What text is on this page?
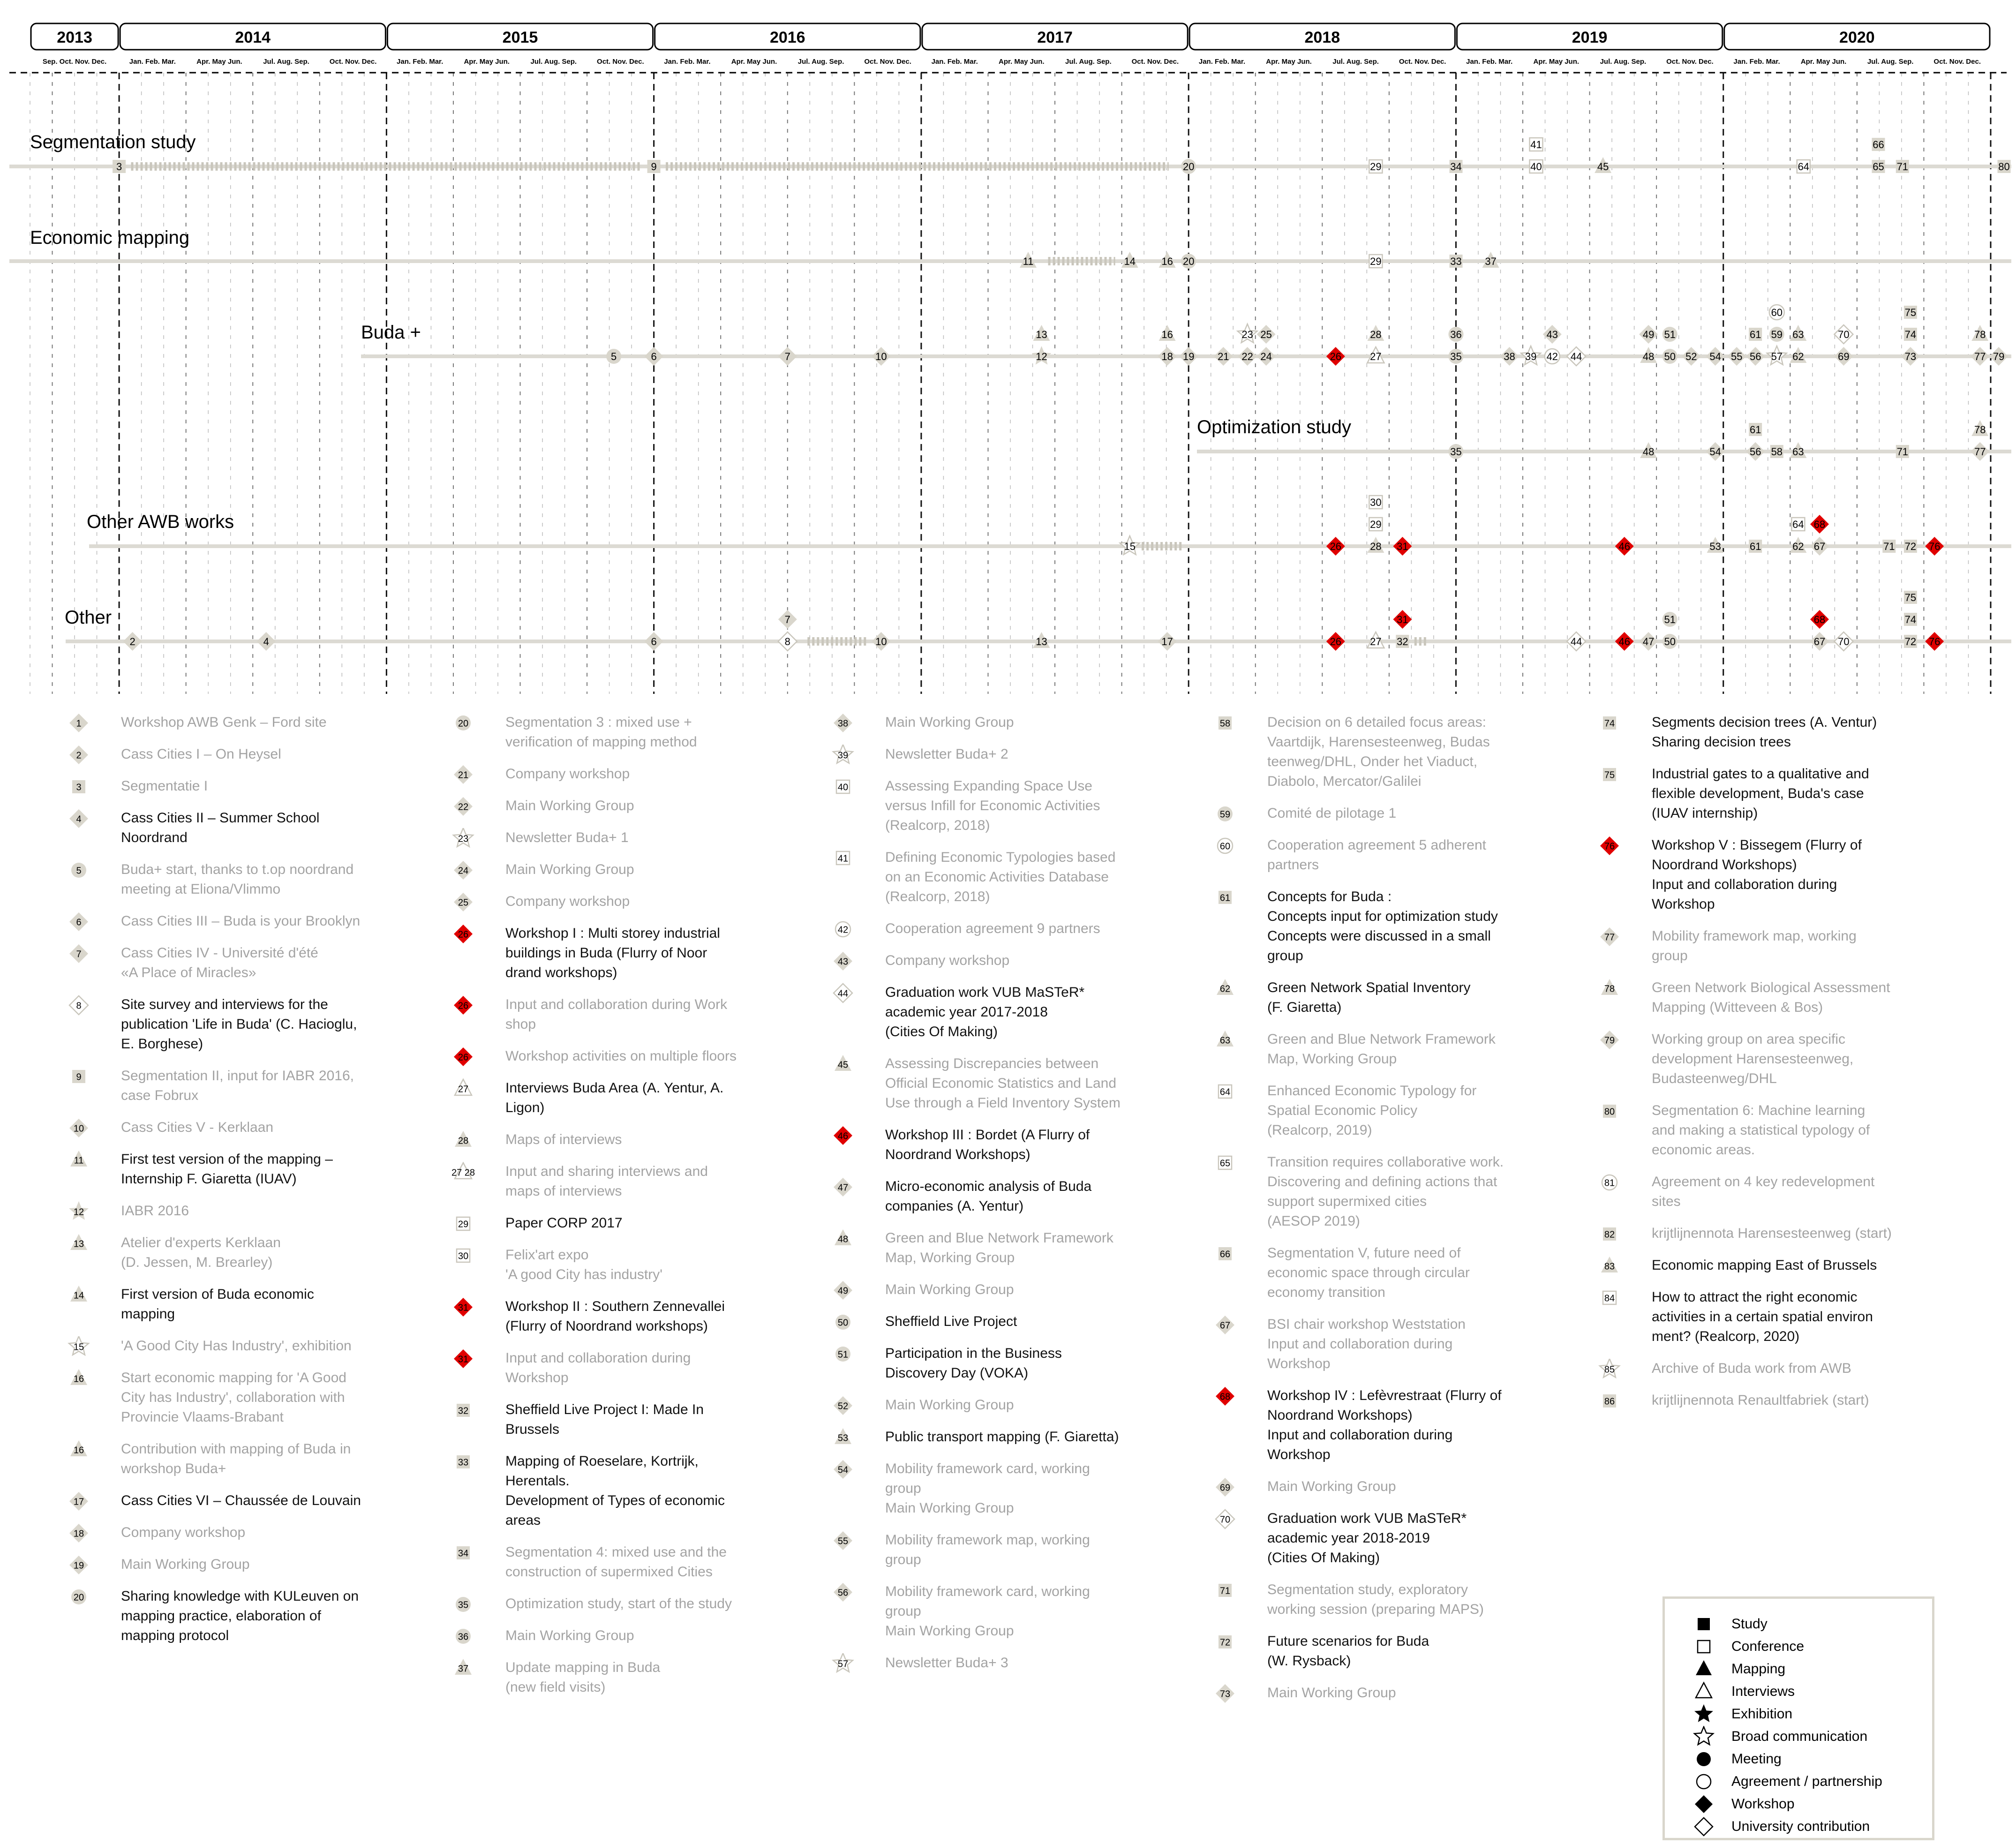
2013
Sep. Oct. Nov. Dec.
2014
Jan. Feb. Mar.	Apr. May Jun.	Jul. Aug. Sep.	Oct. Nov. Dec.
2015
Jan. Feb. Mar.	Apr. May Jun.	Jul. Aug. Sep.	Oct. Nov. Dec.
2016
Jan. Feb. Mar.	Apr. May Jun.	Jul. Aug. Sep.	Oct. Nov. Dec.
2017
Jan. Feb. Mar.	Apr. May Jun.	Jul. Aug. Sep.	Oct. Nov. Dec.
2018
Jan. Feb. Mar.	Apr. May Jun.	Jul. Aug. Sep.	Oct. Nov. Dec.
2019
Jan. Feb. Mar.	Apr. May Jun.	Jul. Aug. Sep.	Oct. Nov. Dec.
2020
Jan. Feb. Mar.	Apr. May Jun.	Jul. Aug. Sep.	Oct. Nov. Dec.
3	9	20	29	34	40
41
45	64	65
66
71	80
11	14	16 20	29	33 37
5	6	7	10	12
13	16
18 19 21 22
23
24
25
26	27
28
35
36
38 39 42
43
44	48
49
50
51
52 54 55 56
61
57
59
60
62
63
69
70
73
74
75
77
78
79
35	48	54	56
61
58 63	71	77
78
15	26	28
29
30
31	46	53	61	62
64
67
68
71 72 76
2	4	6	8
7
10	13	17	26	27 32
31
44	46 47 50
51
67
68
70	72
74
75
76
Segmentation study
Economic mapping
Buda +
Optimization study
Other AWB works
Other
1	Workshop AWB Genk – Ford site
2	Cass Cities I – On Heysel
3	Segmentatie I
4	Cass Cities II – Summer School
Noordrand
5	Buda+ start, thanks to t.op noordrand
meeting at Eliona/Vlimmo
6	Cass Cities III – Buda is your Brooklyn
7	Cass Cities IV - Université d'été
«A Place of Miracles»
8	Site survey and interviews for the
publication 'Life in Buda' (C. Hacioglu,
E. Borghese)
9	Segmentation II, input for IABR 2016,
case Fobrux
10	Cass Cities V - Kerklaan
11	First test version of the mapping –
Internship F. Giaretta (IUAV)
12	IABR 2016
13	Atelier d'experts Kerklaan
(D. Jessen, M. Brearley)
14	First version of Buda economic
mapping
15	'A Good City Has Industry', exhibition
16	Start economic mapping for 'A Good
City has Industry', collaboration with
Provincie Vlaams-Brabant
16	Contribution with mapping of Buda in
workshop Buda+
17	Cass Cities VI – Chaussée de Louvain
18	Company workshop
19	Main Working Group
20	Sharing knowledge with KULeuven on
mapping practice, elaboration of
mapping protocol
20	Segmentation 3 : mixed use +
verification of mapping method
21	Company workshop
22	Main Working Group
23	Newsletter Buda+ 1
24	Main Working Group
25	Company workshop
26	Workshop I : Multi storey industrial
buildings in Buda (Flurry of Noor
drand workshops)
26	Input and collaboration during Work
shop
26	Workshop activities on multiple floors
27	Interviews Buda Area (A. Yentur, A.
Ligon)
28	Maps of interviews
27 28	Input and sharing interviews and
maps of interviews
29	Paper CORP 2017
30	Felix'art expo
'A good City has industry'
31	Workshop II : Southern Zennevallei
(Flurry of Noordrand workshops)
31	Input and collaboration during
Workshop
32	Sheffield Live Project I: Made In
Brussels
33	Mapping of Roeselare, Kortrijk,
Herentals.
Development of Types of economic
areas
34	Segmentation 4: mixed use and the
construction of supermixed Cities
35	Optimization study, start of the study
36	Main Working Group
37	Update mapping in Buda
(new field visits)
38	Main Working Group
39	Newsletter Buda+ 2
40	Assessing Expanding Space Use
versus Infill for Economic Activities
(Realcorp, 2018)
41	Defining Economic Typologies based
on an Economic Activities Database
(Realcorp, 2018)
42	Cooperation agreement 9 partners
43	Company workshop
44	Graduation work VUB MaSTeR*
academic year 2017-2018
(Cities Of Making)
45	Assessing Discrepancies between
Official Economic Statistics and Land
Use through a Field Inventory System
46	Workshop III : Bordet (A Flurry of
Noordrand Workshops)
47	Micro-economic analysis of Buda
companies (A. Yentur)
48	Green and Blue Network Framework
Map, Working Group
49	Main Working Group
50	Sheffield Live Project
51	Participation in the Business
Discovery Day (VOKA)
52	Main Working Group
53	Public transport mapping (F. Giaretta)
54	Mobility framework card, working
group
Main Working Group
55	Mobility framework map, working
group
56	Mobility framework card, working
group
Main Working Group
57	Newsletter Buda+ 3
58	Decision on 6 detailed focus areas:
Vaartdijk, Harensesteenweg, Budas
teenweg/DHL, Onder het Viaduct,
Diabolo, Mercator/Galilei
59	Comité de pilotage 1
60	Cooperation agreement 5 adherent
partners
61	Concepts for Buda :
Concepts input for optimization study
Concepts were discussed in a small
group
62	Green Network Spatial Inventory
(F. Giaretta)
63	Green and Blue Network Framework
Map, Working Group
64	Enhanced Economic Typology for
Spatial Economic Policy
(Realcorp, 2019)
65	Transition requires collaborative work.
Discovering and defining actions that
support supermixed cities
(AESOP 2019)
66	Segmentation V, future need of
economic space through circular
economy transition
67	BSI chair workshop Weststation
Input and collaboration during
Workshop
68	Workshop IV : Lefèvrestraat (Flurry of
Noordrand Workshops)
Input and collaboration during
Workshop
69	Main Working Group
70	Graduation work VUB MaSTeR*
academic year 2018-2019
(Cities Of Making)
71	Segmentation study, exploratory
working session (preparing MAPS)
72	Future scenarios for Buda
(W. Rysback)
73	Main Working Group
74	Segments decision trees (A. Ventur)
Sharing decision trees
75	Industrial gates to a qualitative and
flexible development, Buda's case
(IUAV internship)
76	Workshop V : Bissegem (Flurry of
Noordrand Workshops)
Input and collaboration during
Workshop
77	Mobility framework map, working
group
78	Green Network Biological Assessment
Mapping (Witteveen & Bos)
79	Working group on area specific
development Harensesteenweg,
Budasteenweg/DHL
80	Segmentation 6: Machine learning
and making a statistical typology of
economic areas.
81	Agreement on 4 key redevelopment
sites
82	krijtlijnennota Harensesteenweg (start)
83	Economic mapping East of Brussels
84	How to attract the right economic
activities in a certain spatial environ
ment? (Realcorp, 2020)
85	Archive of Buda work from AWB
86	krijtlijnennota Renaultfabriek (start)
Study
Conference
Mapping
Interviews
Exhibition
Broad communication
Meeting
Agreement / partnership
Workshop
University contribution
